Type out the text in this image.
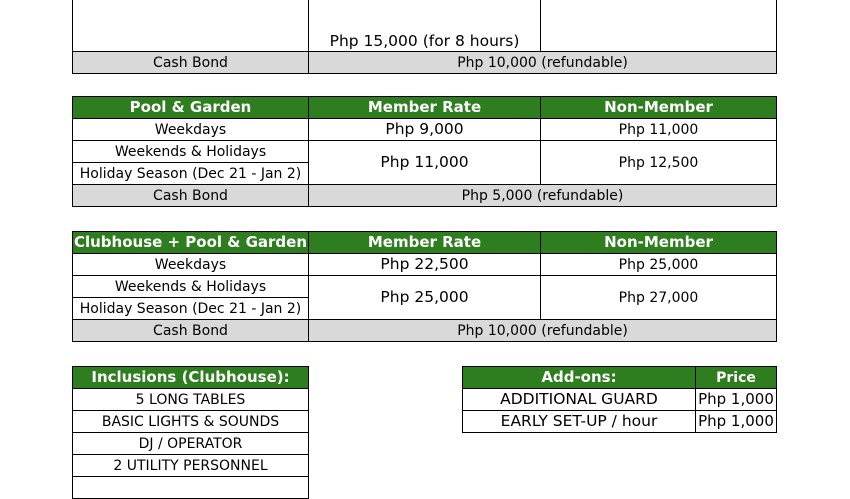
Php 15,000 (for 8 hours)

Cash Bond	Php 10,000 (refundable)	
Pool & Garden	Member Rate	Non-Member
Weekdays	Php 9,000	Php 11,000
Weekends & Holidays	Php 11,000	Php 12,500
Holiday Season (Dec 21 - Jan 2)		
Cash Bond	Php 5,000 (refundable)	
Clubhouse + Pool & Garden	Member Rate	Non-Member
Weekdays	Php 22,500	Php 25,000
Weekends & Holidays	Php 25,000	Php 27,000
Holiday Season (Dec 21 - Jan 2)		
Cash Bond	Php 10,000 (refundable)	
Inclusions (Clubhouse):
5 LONG TABLES
BASIC LIGHTS & SOUNDS
DJ / OPERATOR
2 UTILITY PERSONNEL

Add-ons:	Price
ADDITIONAL GUARD	Php 1,000
EARLY SET-UP / hour	Php 1,000
